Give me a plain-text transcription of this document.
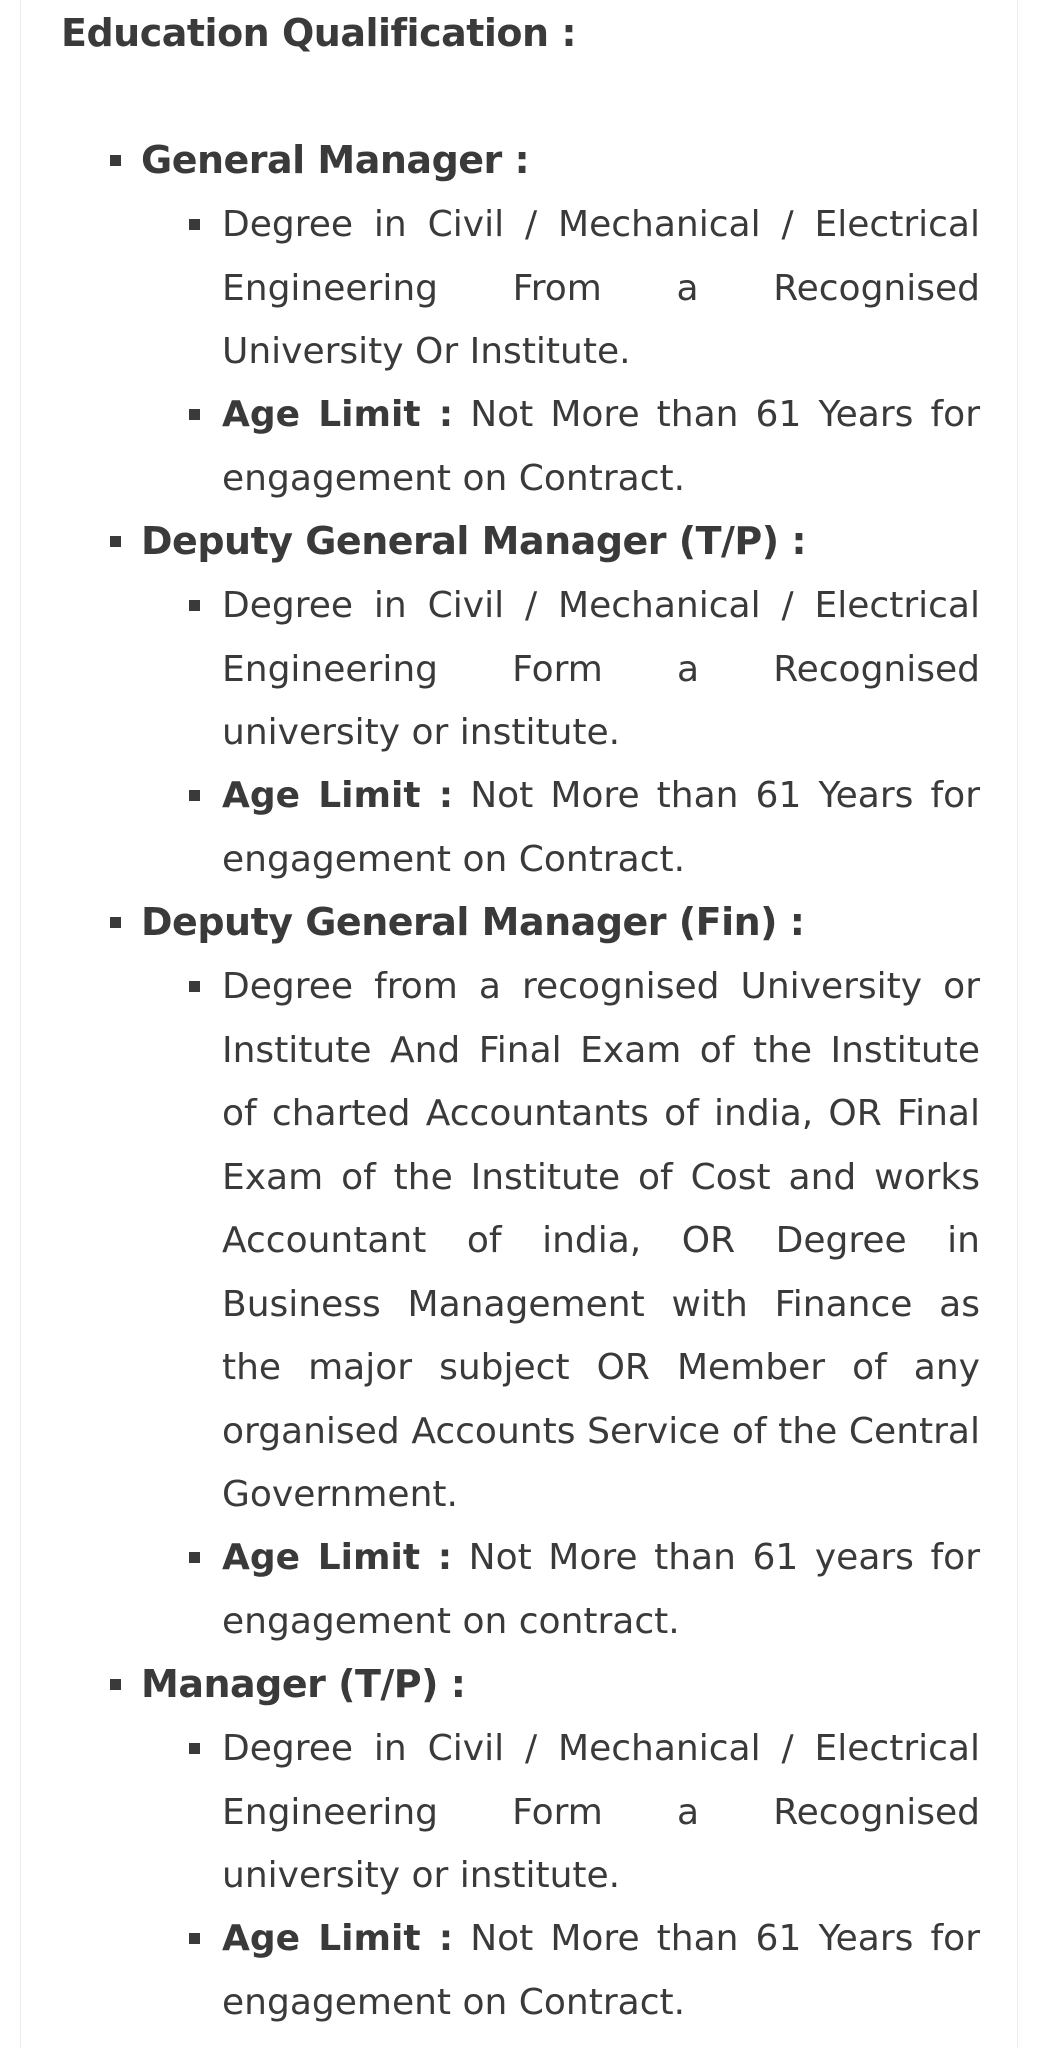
Education Qualification :
General Manager :
Degree in Civil / Mechanical / Electrical Engineering From a Recognised University Or Institute.
Age Limit : Not More than 61 Years for engagement on Contract.
Deputy General Manager (T/P) :
Degree in Civil / Mechanical / Electrical Engineering Form a Recognised university or institute.
Age Limit : Not More than 61 Years for engagement on Contract.
Deputy General Manager (Fin) :
Degree from a recognised University or Institute And Final Exam of the Institute of charted Accountants of india, OR Final Exam of the Institute of Cost and works Accountant of india, OR Degree in Business Management with Finance as the major subject OR Member of any organised Accounts Service of the Central Government.
Age Limit : Not More than 61 years for engagement on contract.
Manager (T/P) :
Degree in Civil / Mechanical / Electrical Engineering Form a Recognised university or institute.
Age Limit : Not More than 61 Years for engagement on Contract.
